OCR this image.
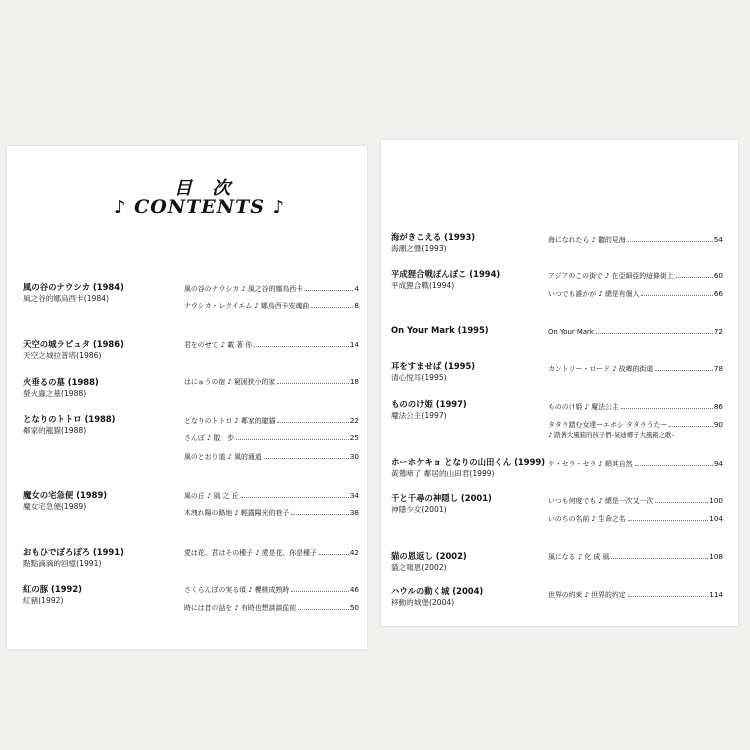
目 次
♪ CONTENTS ♪
風の谷のナウシカ (1984)
風之谷的娜烏西卡(1984)
風の谷のナウシカ ♪ 風之谷的娜烏西卡	4
ナウシカ・レクイエム ♪ 娜烏西卡安魂曲	8
天空の城ラピュタ (1986)
天空之城拉普塔(1986)
君をのせて ♪ 載 著 你	14
火垂るの墓 (1988)
螢火蟲之墓(1988)
はにゅうの宿 ♪ 窮困狭小的家	18
となりのトトロ (1988)
鄰家的龍貓(1988)
となりのトトロ ♪ 鄰家的龍貓	22
さんぽ ♪ 散　步	25
風のとおり道 ♪ 風的通道	30
魔女の宅急便 (1989)
魔女宅急便(1989)
風の丘 ♪ 風 之 丘	34
木洩れ陽の路地 ♪ 輕露陽光的巷子	38
おもひでぽろぽろ (1991)
點點滴滴的回憶(1991)
愛は花、君はその種子 ♪ 愛是花、你是種子	42
紅の豚 (1992)
紅豬(1992)
さくらんぼの実る頃 ♪ 櫻桃成熟時	46
時には昔の話を ♪ 有時也想談談從前	50
海がきこえる (1993)
海潮之聲(1993)
海になれたら ♪ 聽的見海	54
平成狸合戦ぽんぽこ (1994)
平成狸合戰(1994)
アジアのこの街で ♪ 在亞細亞的這條街上	60
いつでも誰かが ♪ 總是有個人	66
On Your Mark (1995)	On Your Mark	72
耳をすませば (1995)
清心悅耳(1995)
カントリー・ロード ♪ 故鄉的街道	78
もののけ姫 (1997)
魔法公主(1997)
もののけ姫 ♪ 魔法公主	86
タタラ踏む女達ーエボシ タタラうたー	90
♪ 踏著大風箱的孩子們-某迪郷子大風箱之歌-
ホーホケキョ となりの山田くん (1999)
黃鶯啼了 鄰居的山田君(1999)
ケ・セラ・セラ ♪ 順其自然	94
千と千尋の神隠し (2001)
神隱少女(2001)
いつも何度でも ♪ 總是一次又一次	100
いのちの名前 ♪ 生命之名	104
猫の恩返し (2002)
貓之報恩(2002)
風になる ♪ 化 成 風	108
ハウルの動く城 (2004)
移動的城堡(2004)
世界の約束 ♪ 世界的約定	114
